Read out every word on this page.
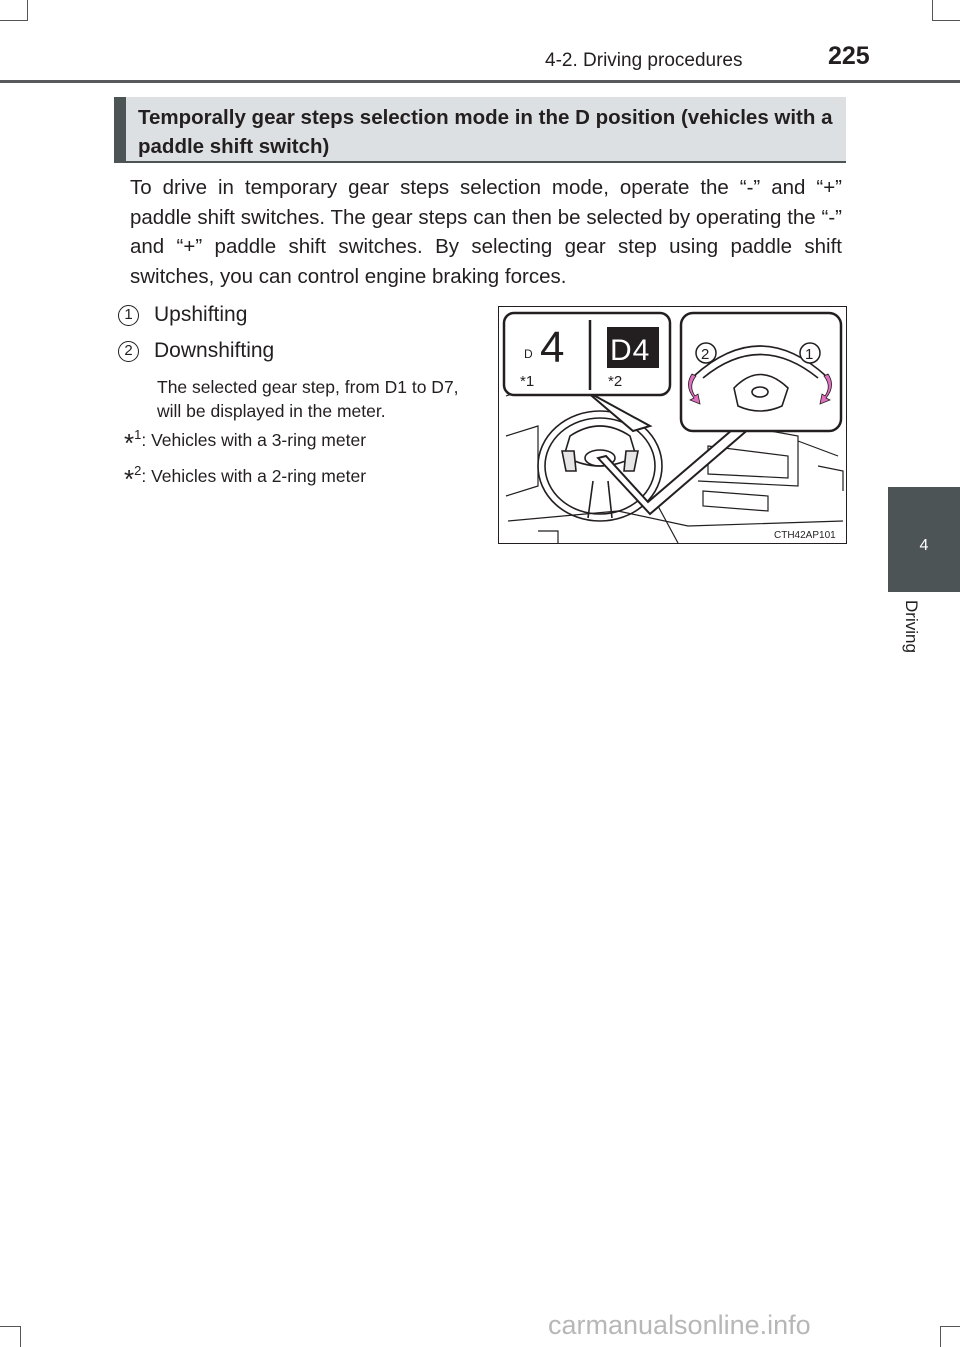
4-2. Driving procedures	225
4
Driving
Temporally gear steps selection mode in the D position (vehicles with a paddle shift switch)
To drive in temporary gear steps selection mode, operate the “-” and “+” paddle shift switches. The gear steps can then be selected by operating the “-” and “+” paddle shift switches. By selecting gear step using paddle shift switches, you can control engine braking forces.
1 Upshifting
2 Downshifting
The selected gear step, from D1 to D7, will be displayed in the meter.
*$^1$: Vehicles with a 3-ring meter
*$^2$: Vehicles with a 2-ring meter
D 4 D4
*1	*2
2	1
CTH42AP101
carmanualsonline.info
